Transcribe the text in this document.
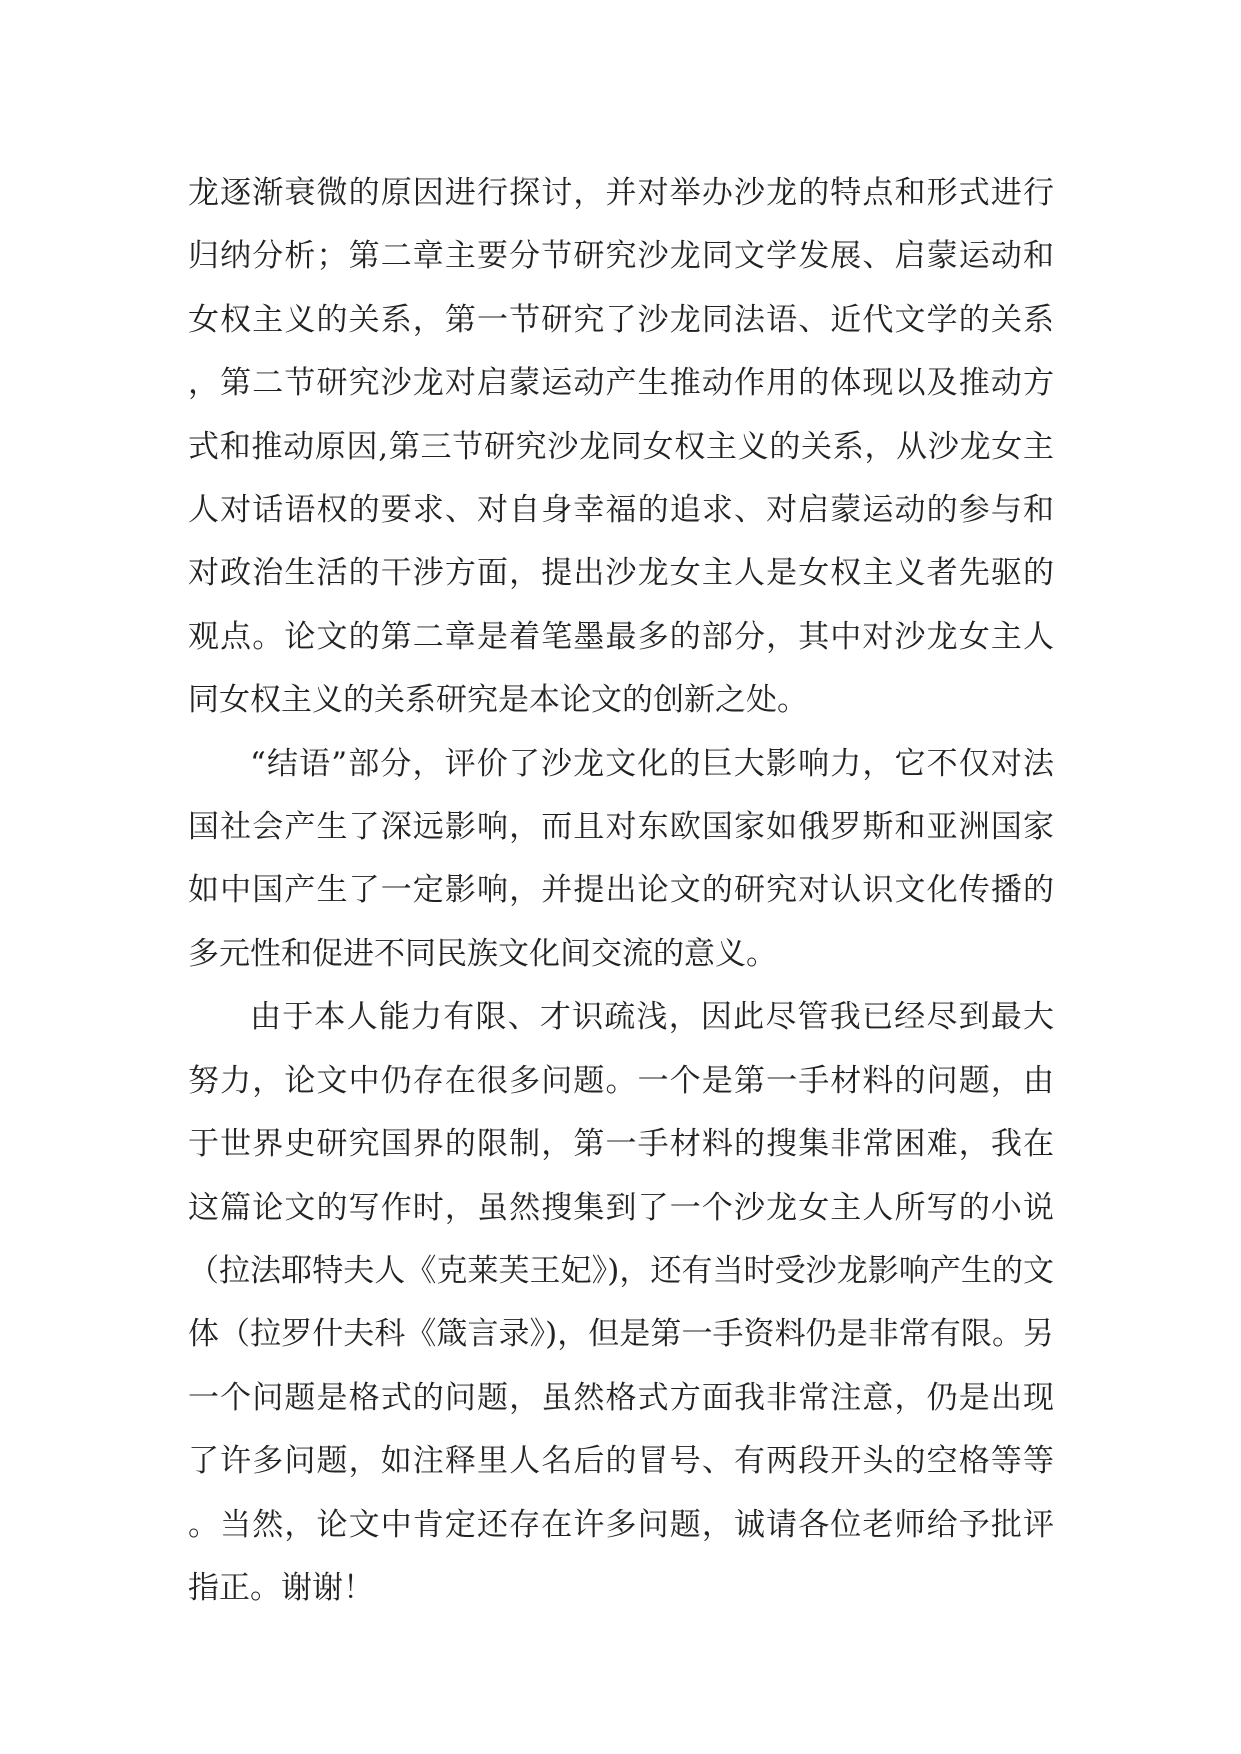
龙逐渐衰微的原因进行探讨，并对举办沙龙的特点和形式进行归纳分析；第二章主要分节研究沙龙同文学发展、启蒙运动和女权主义的关系，第一节研究了沙龙同法语、近代文学的关系，第二节研究沙龙对启蒙运动产生推动作用的体现以及推动方式和推动原因,第三节研究沙龙同女权主义的关系，从沙龙女主人对话语权的要求、对自身幸福的追求、对启蒙运动的参与和对政治生活的干涉方面，提出沙龙女主人是女权主义者先驱的观点。论文的第二章是着笔墨最多的部分，其中对沙龙女主人同女权主义的关系研究是本论文的创新之处。

“结语”部分，评价了沙龙文化的巨大影响力，它不仅对法国社会产生了深远影响，而且对东欧国家如俄罗斯和亚洲国家如中国产生了一定影响，并提出论文的研究对认识文化传播的多元性和促进不同民族文化间交流的意义。

由于本人能力有限、才识疏浅，因此尽管我已经尽到最大努力，论文中仍存在很多问题。一个是第一手材料的问题，由于世界史研究国界的限制，第一手材料的搜集非常困难，我在这篇论文的写作时，虽然搜集到了一个沙龙女主人所写的小说（拉法耶特夫人《克莱芙王妃》)，还有当时受沙龙影响产生的文体（拉罗什夫科《箴言录》)，但是第一手资料仍是非常有限。另一个问题是格式的问题，虽然格式方面我非常注意，仍是出现了许多问题，如注释里人名后的冒号、有两段开头的空格等等。当然，论文中肯定还存在许多问题，诚请各位老师给予批评指正。谢谢！
